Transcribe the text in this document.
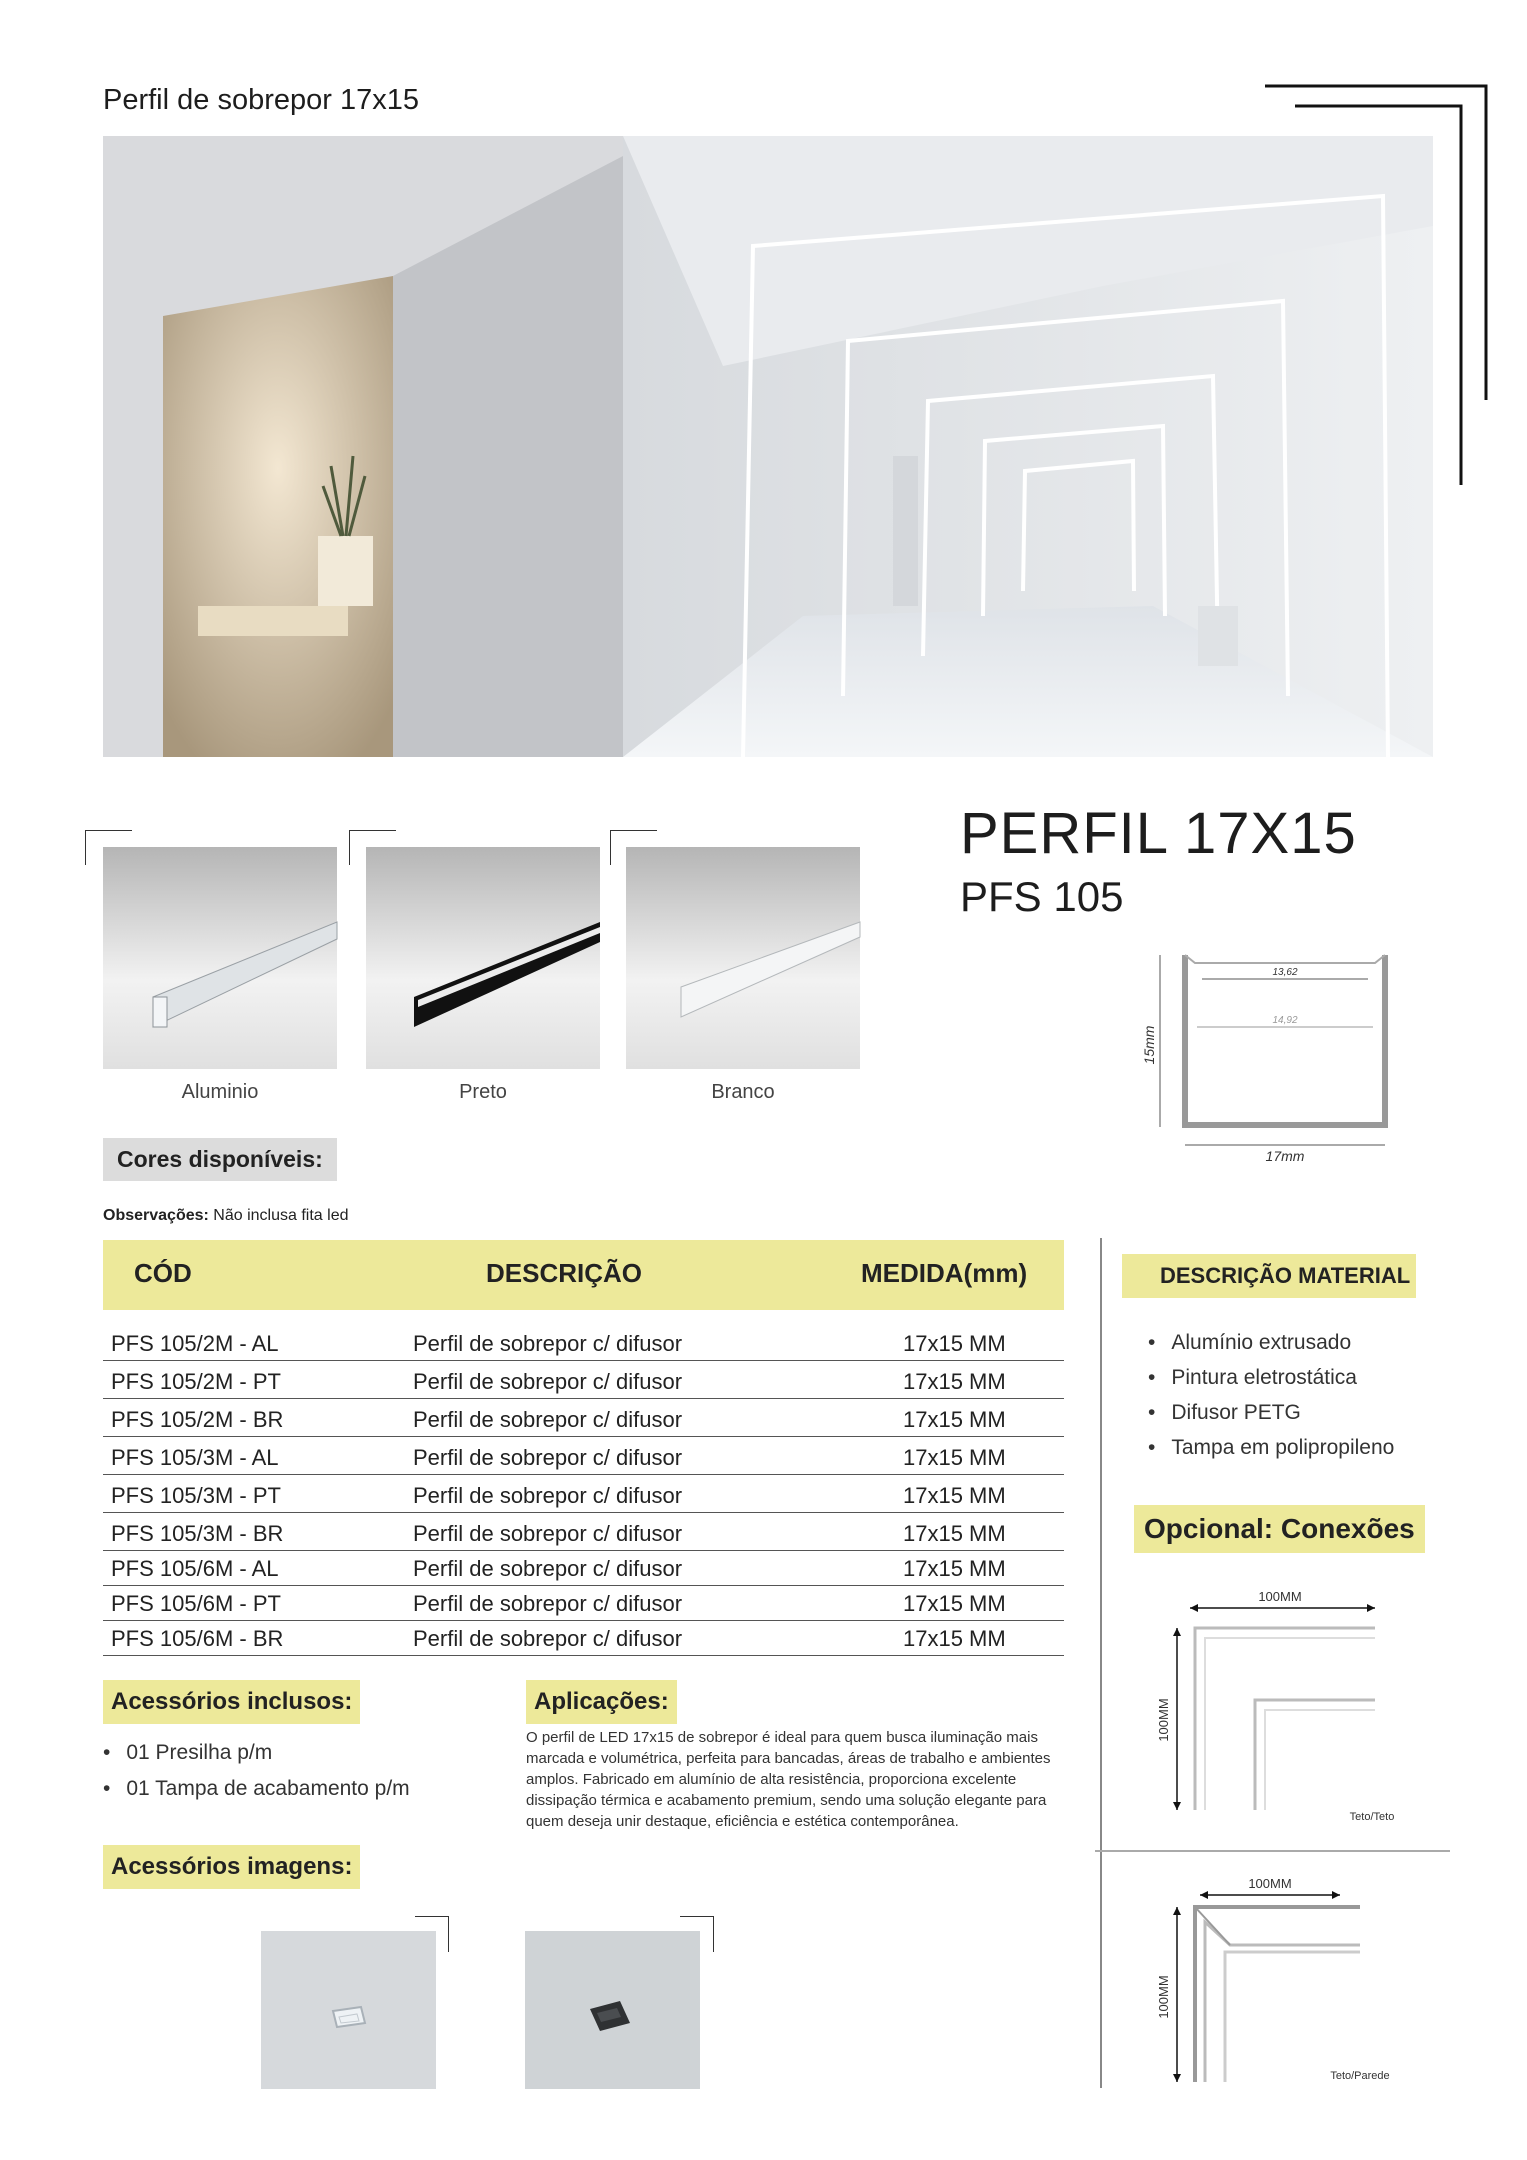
Perfil de sobrepor 17x15
Aluminio	Preto	Branco
PERFIL 17X15
PFS 105
13,62
14,92
15mm
17mm
Cores disponíveis:
Observações: Não inclusa fita led
CÓD	DESCRIÇÃO	MEDIDA(mm)
PFS 105/2M - AL	Perfil de sobrepor c/ difusor	17x15 MM
PFS 105/2M - PT	Perfil de sobrepor c/ difusor	17x15 MM
PFS 105/2M - BR	Perfil de sobrepor c/ difusor	17x15 MM
PFS 105/3M - AL	Perfil de sobrepor c/ difusor	17x15 MM
PFS 105/3M - PT	Perfil de sobrepor c/ difusor	17x15 MM
PFS 105/3M - BR	Perfil de sobrepor c/ difusor	17x15 MM
PFS 105/6M - AL	Perfil de sobrepor c/ difusor	17x15 MM
PFS 105/6M - PT	Perfil de sobrepor c/ difusor	17x15 MM
PFS 105/6M - BR	Perfil de sobrepor c/ difusor	17x15 MM
DESCRIÇÃO MATERIAL
• Alumínio extrusado
• Pintura eletrostática
• Difusor PETG
• Tampa em polipropileno
Opcional: Conexões
100MM
100MM
Teto/Teto
100MM
100MM
Teto/Parede
Acessórios inclusos:
• 01 Presilha p/m
• 01 Tampa de acabamento p/m
Aplicações:
O perfil de LED 17x15 de sobrepor é ideal para quem busca iluminação mais marcada e volumétrica, perfeita para bancadas, áreas de trabalho e ambientes amplos. Fabricado em alumínio de alta resistência, proporciona excelente dissipação térmica e acabamento premium, sendo uma solução elegante para quem deseja unir destaque, eficiência e estética contemporânea.
Acessórios imagens:
